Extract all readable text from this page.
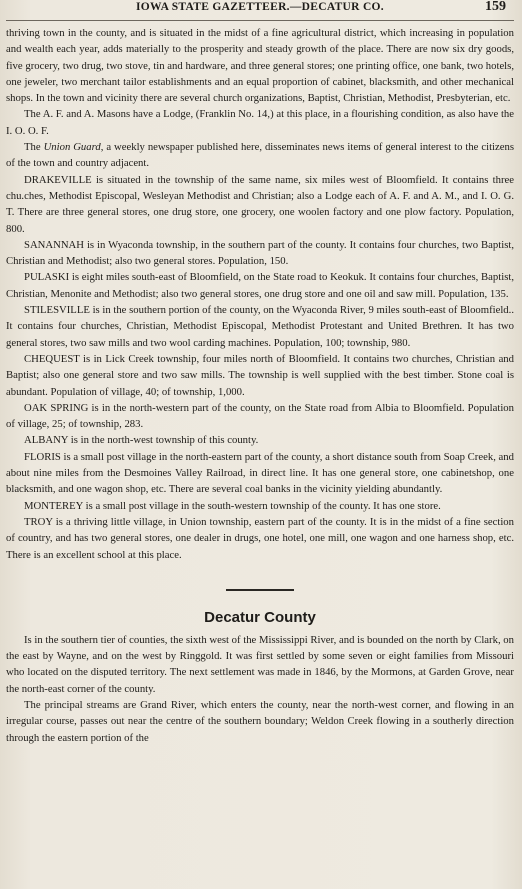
IOWA STATE GAZETTEER.—DECATUR CO.	159

thriving town in the county, and is situated in the midst of a fine agricultural district, which increasing in population and wealth each year, adds materially to the prosperity and steady growth of the place. There are now six dry goods, five grocery, two drug, two stove, tin and hardware, and three general stores; one printing office, one bank, two hotels, one jeweler, two merchant tailor establishments and an equal proportion of cabinet, blacksmith, and other mechanical shops. In the town and vicinity there are several church organizations, Baptist, Christian, Methodist, Presbyterian, etc.

The A. F. and A. Masons have a Lodge, (Franklin No. 14,) at this place, in a flourishing condition, as also have the I. O. O. F.

The Union Guard, a weekly newspaper published here, disseminates news items of general interest to the citizens of the town and country adjacent.

DRAKEVILLE is situated in the township of the same name, six miles west of Bloomfield. It contains three chu.ches, Methodist Episcopal, Wesleyan Methodist and Christian; also a Lodge each of A. F. and A. M., and I. O. G. T. There are three general stores, one drug store, one grocery, one woolen factory and one plow factory. Population, 800.

SANANNAH is in Wyaconda township, in the southern part of the county. It contains four churches, two Baptist, Christian and Methodist; also two general stores. Population, 150.

PULASKI is eight miles south-east of Bloomfield, on the State road to Keokuk. It contains four churches, Baptist, Christian, Menonite and Methodist; also two general stores, one drug store and one oil and saw mill. Population, 135.

STILESVILLE is in the southern portion of the county, on the Wyaconda River, 9 miles south-east of Bloomfield.. It contains four churches, Christian, Methodist Episcopal, Methodist Protestant and United Brethren. It has two general stores, two saw mills and two wool carding machines. Population, 100; township, 980.

CHEQUEST is in Lick Creek township, four miles north of Bloomfield. It contains two churches, Christian and Baptist; also one general store and two saw mills. The township is well supplied with the best timber. Stone coal is abundant. Population of village, 40; of township, 1,000.

OAK SPRING is in the north-western part of the county, on the State road from Albia to Bloomfield. Population of village, 25; of township, 283.

ALBANY is in the north-west township of this county.

FLORIS is a small post village in the north-eastern part of the county, a short distance south from Soap Creek, and about nine miles from the Desmoines Valley Railroad, in direct line. It has one general store, one cabinetshop, one blacksmith, and one wagon shop, etc. There are several coal banks in the vicinity yielding abundantly.

MONTEREY is a small post village in the south-western township of the county. It has one store.

TROY is a thriving little village, in Union township, eastern part of the county. It is in the midst of a fine section of country, and has two general stores, one dealer in drugs, one hotel, one mill, one wagon and one harness shop, etc. There is an excellent school at this place.

Decatur County

Is in the southern tier of counties, the sixth west of the Mississippi River, and is bounded on the north by Clark, on the east by Wayne, and on the west by Ringgold. It was first settled by some seven or eight families from Missouri who located on the disputed territory. The next settlement was made in 1846, by the Mormons, at Garden Grove, near the north-east corner of the county.

The principal streams are Grand River, which enters the county, near the north-west corner, and flowing in an irregular course, passes out near the centre of the southern boundary; Weldon Creek flowing in a southerly direction through the eastern portion of the
